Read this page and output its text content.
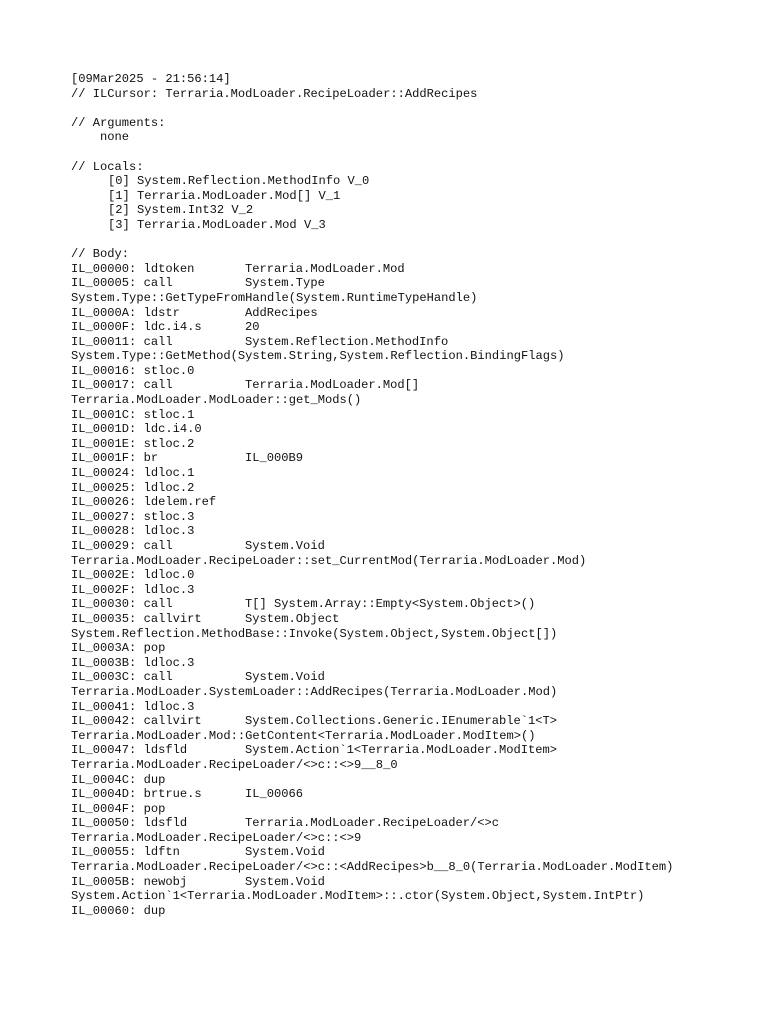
[09Mar2025 - 21:56:14]
// ILCursor: Terraria.ModLoader.RecipeLoader::AddRecipes
// Arguments:
none
// Locals:
[0] System.Reflection.MethodInfo V_0
[1] Terraria.ModLoader.Mod[] V_1
[2] System.Int32 V_2
[3] Terraria.ModLoader.Mod V_3
// Body:
IL_00000: ldtoken	Terraria.ModLoader.Mod
IL_00005: call	System.Type
System.Type::GetTypeFromHandle(System.RuntimeTypeHandle)
IL_0000A: ldstr	AddRecipes
IL_0000F: ldc.i4.s	20
IL_00011: call	System.Reflection.MethodInfo
System.Type::GetMethod(System.String,System.Reflection.BindingFlags)
IL_00016: stloc.0
IL_00017: call	Terraria.ModLoader.Mod[]
Terraria.ModLoader.ModLoader::get_Mods()
IL_0001C: stloc.1
IL_0001D: ldc.i4.0
IL_0001E: stloc.2
IL_0001F: br	IL_000B9
IL_00024: ldloc.1
IL_00025: ldloc.2
IL_00026: ldelem.ref
IL_00027: stloc.3
IL_00028: ldloc.3
IL_00029: call	System.Void
Terraria.ModLoader.RecipeLoader::set_CurrentMod(Terraria.ModLoader.Mod)
IL_0002E: ldloc.0
IL_0002F: ldloc.3
IL_00030: call	T[] System.Array::Empty<System.Object>()
IL_00035: callvirt	System.Object
System.Reflection.MethodBase::Invoke(System.Object,System.Object[])
IL_0003A: pop
IL_0003B: ldloc.3
IL_0003C: call	System.Void
Terraria.ModLoader.SystemLoader::AddRecipes(Terraria.ModLoader.Mod)
IL_00041: ldloc.3
IL_00042: callvirt	System.Collections.Generic.IEnumerable`1<T>
Terraria.ModLoader.Mod::GetContent<Terraria.ModLoader.ModItem>()
IL_00047: ldsfld	System.Action`1<Terraria.ModLoader.ModItem>
Terraria.ModLoader.RecipeLoader/<>c::<>9__8_0
IL_0004C: dup
IL_0004D: brtrue.s	IL_00066
IL_0004F: pop
IL_00050: ldsfld	Terraria.ModLoader.RecipeLoader/<>c
Terraria.ModLoader.RecipeLoader/<>c::<>9
IL_00055: ldftn	System.Void
Terraria.ModLoader.RecipeLoader/<>c::<AddRecipes>b__8_0(Terraria.ModLoader.ModItem)
IL_0005B: newobj	System.Void
System.Action`1<Terraria.ModLoader.ModItem>::.ctor(System.Object,System.IntPtr)
IL_00060: dup
